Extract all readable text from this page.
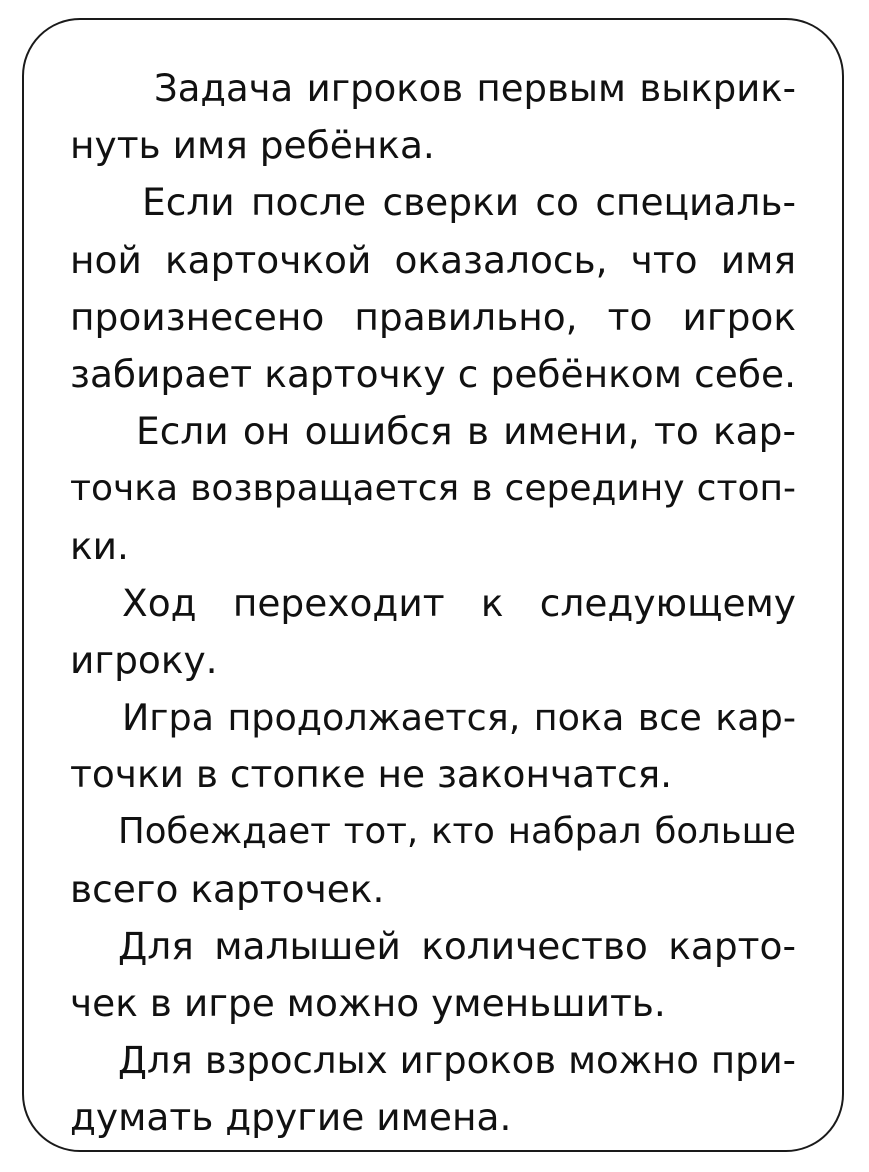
Задача игроков первым выкрик-
нуть имя ребёнка.
Если после сверки со специаль-
ной карточкой оказалось, что имя
произнесено правильно, то игрок
забирает карточку с ребёнком себе.
Если он ошибся в имени, то кар-
точка возвращается в середину стоп-
ки.
Ход переходит к следующему
игроку.
Игра продолжается, пока все кар-
точки в стопке не закончатся.
Побеждает тот, кто набрал больше
всего карточек.
Для малышей количество карто-
чек в игре можно уменьшить.
Для взрослых игроков можно при-
думать другие имена.
